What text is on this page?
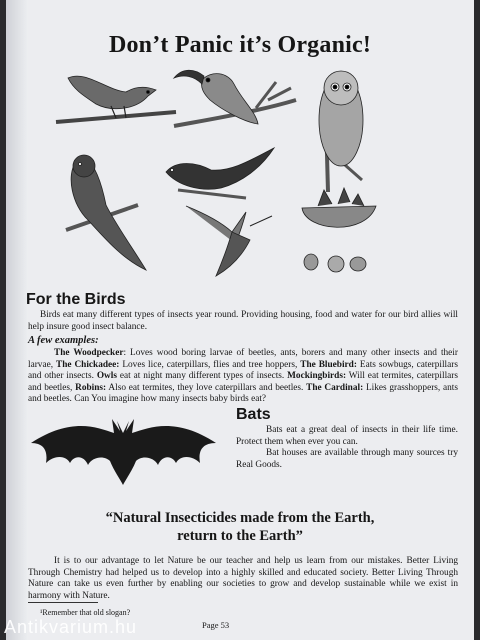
Don’t Panic it’s Organic!
For the Birds
Birds eat many different types of insects year round. Providing housing, food and water for our bird allies will help insure good insect balance.
A few examples:
The Woodpecker: Loves wood boring larvae of beetles, ants, borers and many other insects and their larvae, The Chickadee: Loves lice, caterpillars, flies and tree hoppers, The Bluebird: Eats sowbugs, caterpillars and other insects. Owls eat at night many different types of insects. Mockingbirds: Will eat termites, caterpillars and beetles, Robins: Also eat termites, they love caterpillars and beetles. The Cardinal: Likes grasshoppers, ants and beetles. Can You imagine how many insects baby birds eat?
Bats
Bats eat a great deal of insects in their life time. Protect them when ever you can.
Bat houses are available through many sources try Real Goods.
“Natural Insecticides made from the Earth,
return to the Earth”
It is to our advantage to let Nature be our teacher and help us learn from our mistakes. Better Living Through Chemistry had helped us to develop into a highly skilled and educated society. Better Living Through Nature can take us even further by enabling our societies to grow and develop sustainable while we exist in harmony with Nature.
¹Remember that old slogan?
Page 53
Antikvarium.hu
